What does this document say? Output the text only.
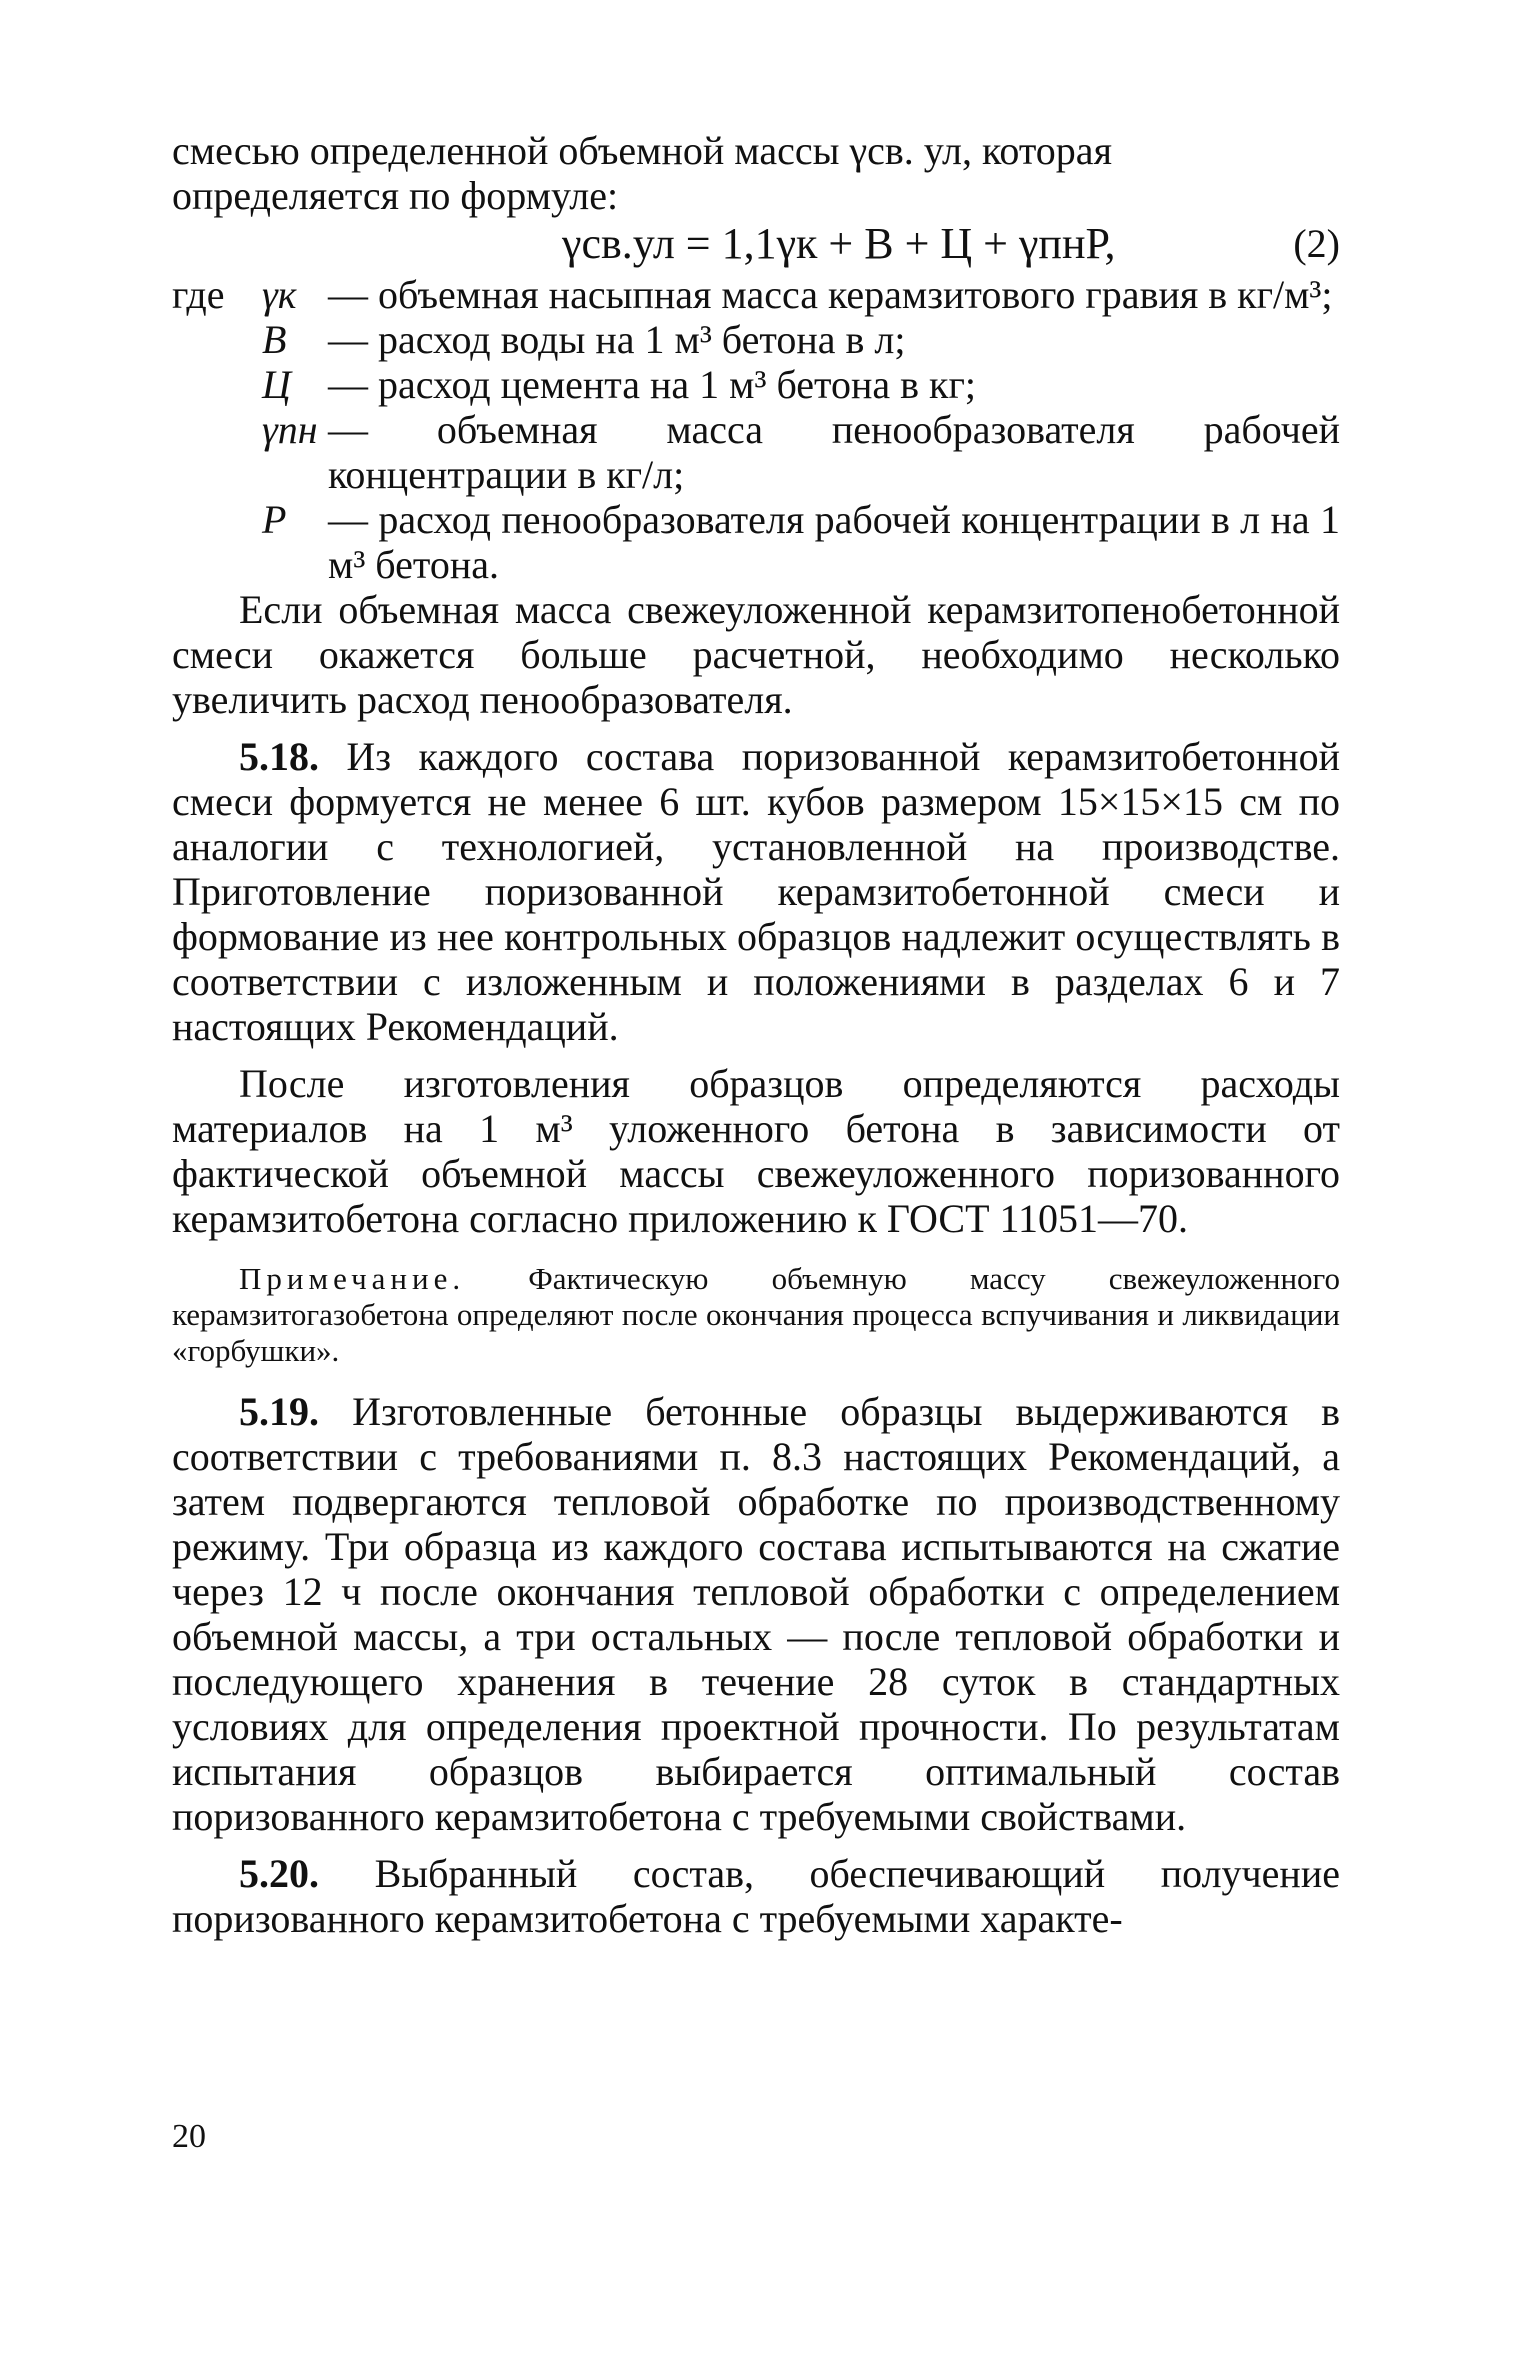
смесью определенной объемной массы γсв. ул, которая

определяется по формуле:

γсв.ул = 1,1γк + В + Ц + γпнР,	(2)
где γк — объемная насыпная масса керамзитового гравия в кг/м³;
В	— расход воды на 1 м³ бетона в л;
Ц — расход цемента на 1 м³ бетона в кг;
γпн — объемная масса пенообразователя рабочей концентрации в кг/л;
Р	— расход пенообразователя рабочей концентрации в л на 1 м³ бетона.

Если объемная масса свежеуложенной керамзитопенобетонной смеси окажется больше расчетной, необходимо несколько увеличить расход пенообразователя.

5.18. Из каждого состава поризованной керамзитобетонной смеси формуется не менее 6 шт. кубов размером 15×15×15 см по аналогии с технологией, установленной на производстве. Приготовление поризованной керамзитобетонной смеси и формование из нее контрольных образцов надлежит осуществлять в соответствии с изложенным и положениями в разделах 6 и 7 настоящих Рекомендаций.

После изготовления образцов определяются расходы материалов на 1 м³ уложенного бетона в зависимости от фактической объемной массы свежеуложенного поризованного керамзитобетона согласно приложению к ГОСТ 11051—70.

Примечание. Фактическую объемную массу свежеуложенного керамзитогазобетона определяют после окончания процесса вспучивания и ликвидации «горбушки».

5.19. Изготовленные бетонные образцы выдерживаются в соответствии с требованиями п. 8.3 настоящих Рекомендаций, а затем подвергаются тепловой обработке по производственному режиму. Три образца из каждого состава испытываются на сжатие через 12 ч после окончания тепловой обработки с определением объемной массы, а три остальных — после тепловой обработки и последующего хранения в течение 28 суток в стандартных условиях для определения проектной прочности. По результатам испытания образцов выбирается оптимальный состав поризованного керамзитобетона с требуемыми свойствами.

5.20. Выбранный состав, обеспечивающий получение поризованного керамзитобетона с требуемыми характе-

20
